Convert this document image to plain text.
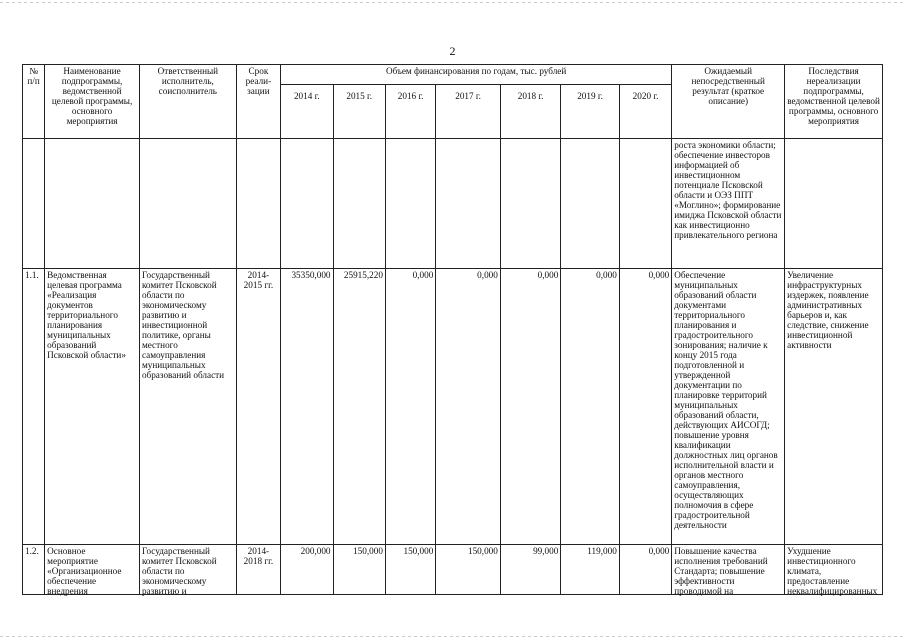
2
№ п/п	Наименование подпрограммы, ведомственной целевой программы, основного мероприятия	Ответственный исполнитель, соисполнитель	Срок реали-зации	Объем финансирования по годам, тыс. рублей							Ожидаемый непосредственный результат (краткое описание)	Последствия нереализации подпрограммы, ведомственной целевой программы, основного мероприятия
				2014 г.	2015 г.	2016 г.	2017 г.	2018 г.	2019 г.	2020 г.		
											роста экономики области; обеспечение инвесторов информацией об инвестиционном потенциале Псковской области и ОЭЗ ППТ «Моглино»; формирование имиджа Псковской области как инвестиционно привлекательного региона	
1.1.	Ведомственная целевая программа «Реализация документов территориального планирования муниципальных образований Псковской области»	Государственный комитет Псковской области по экономическому развитию и инвестиционной политике, органы местного самоуправления муниципальных образований области	2014-2015 гг.	35350,000	25915,220	0,000	0,000	0,000	0,000	0,000	Обеспечение муниципальных образований области документами территориального планирования и градостроительного зонирования; наличие к концу 2015 года подготовленной и утвержденной документации по планировке территорий муниципальных образований области, действующих АИСОГД; повышение уровня квалификации должностных лиц органов исполнительной власти и органов местного самоуправления, осуществляющих полномочия в сфере градостроительной деятельности	Увеличение инфраструктурных издержек, появление административных барьеров и, как следствие, снижение инвестиционной активности

1.2.	Основное мероприятие «Организационное обеспечение внедрения	Государственный комитет Псковской области по экономическому развитию и	2014-2018 гг.	200,000	150,000	150,000	150,000	99,000	119,000	0,000	Повышение качества исполнения требований Стандарта; повышение эффективности проводимой на	Ухудшение инвестиционного климата, предоставление неквалифицированных
